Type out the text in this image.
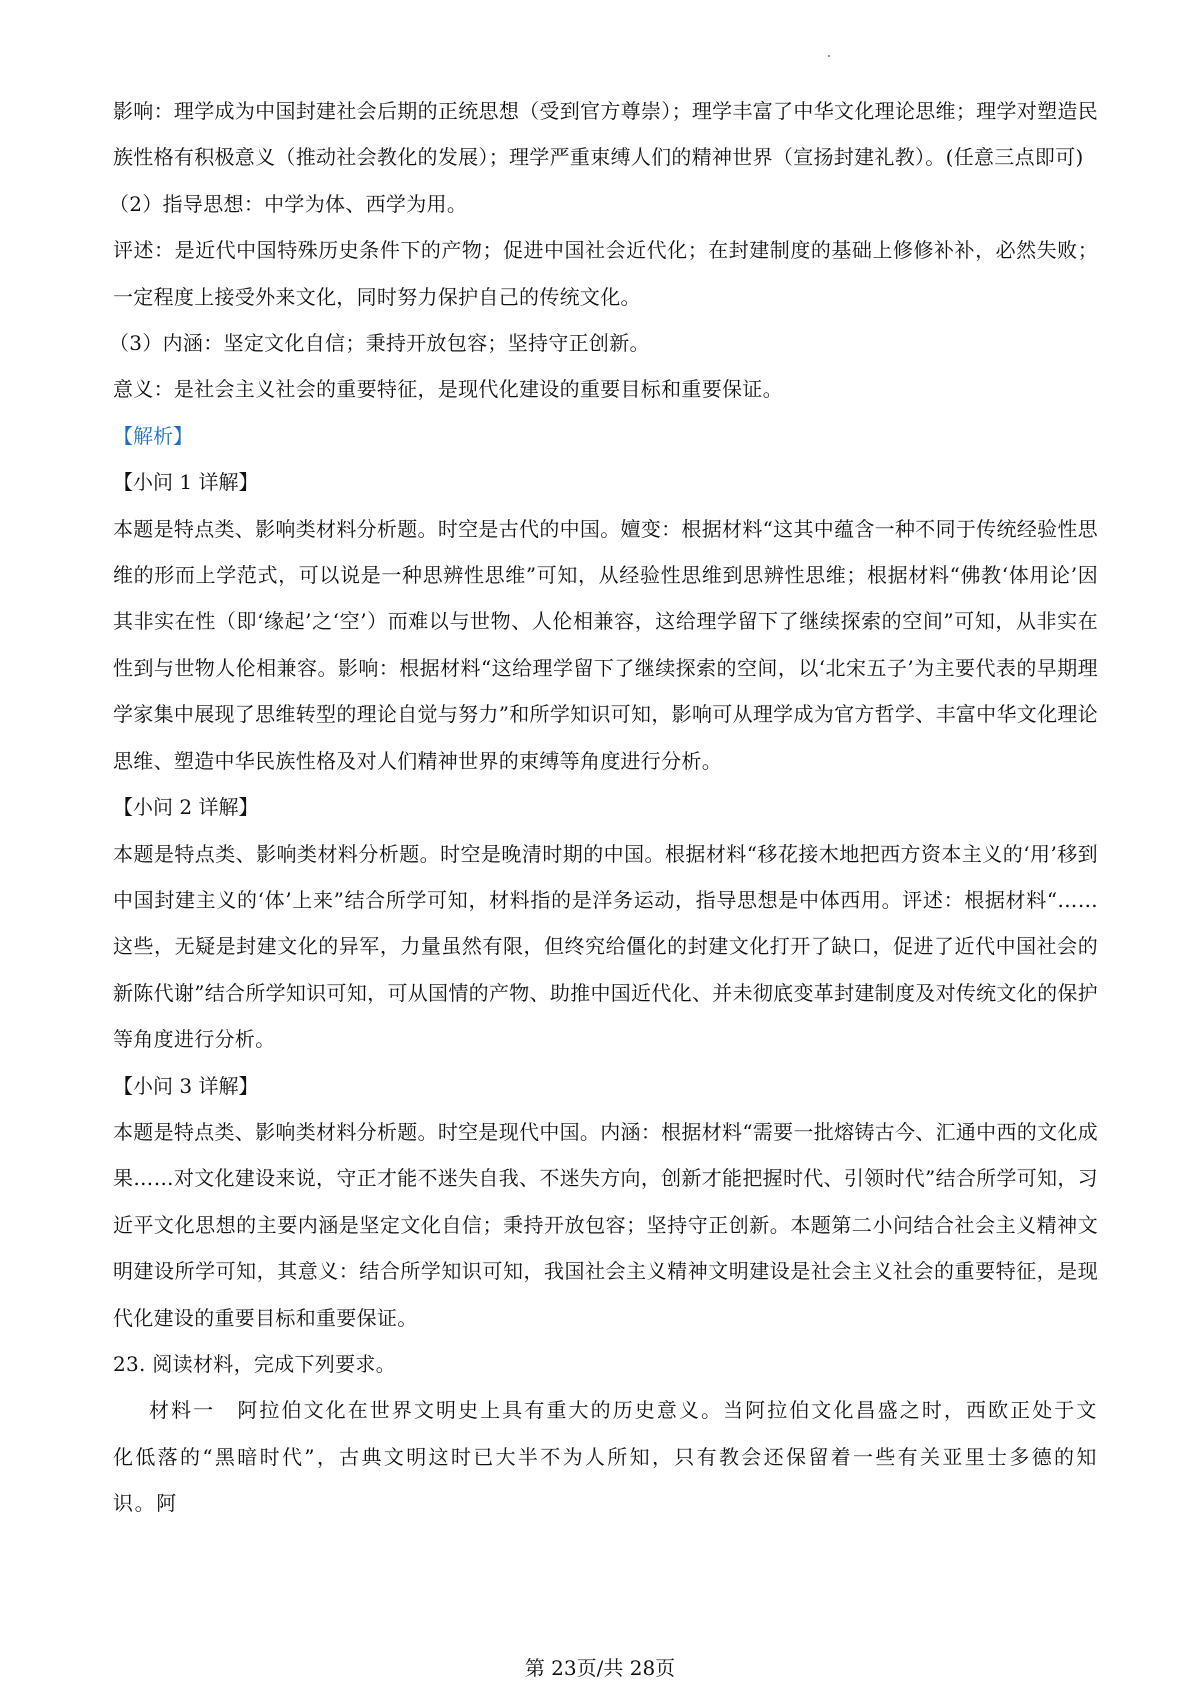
影响：理学成为中国封建社会后期的正统思想（受到官方尊崇）；理学丰富了中华文化理论思维；理学对塑造民族性格有积极意义（推动社会教化的发展）；理学严重束缚人们的精神世界（宣扬封建礼教）。(任意三点即可)

（2）指导思想：中学为体、西学为用。

评述：是近代中国特殊历史条件下的产物；促进中国社会近代化；在封建制度的基础上修修补补，必然失败；一定程度上接受外来文化，同时努力保护自己的传统文化。

（3）内涵：坚定文化自信；秉持开放包容；坚持守正创新。

意义：是社会主义社会的重要特征，是现代化建设的重要目标和重要保证。

【解析】

【小问 1 详解】

本题是特点类、影响类材料分析题。时空是古代的中国。嬗变：根据材料“这其中蕴含一种不同于传统经验性思维的形而上学范式，可以说是一种思辨性思维”可知，从经验性思维到思辨性思维；根据材料“佛教‘体用论’因其非实在性（即‘缘起’之‘空’）而难以与世物、人伦相兼容，这给理学留下了继续探索的空间”可知，从非实在性到与世物人伦相兼容。影响：根据材料“这给理学留下了继续探索的空间，以‘北宋五子’为主要代表的早期理学家集中展现了思维转型的理论自觉与努力”和所学知识可知，影响可从理学成为官方哲学、丰富中华文化理论思维、塑造中华民族性格及对人们精神世界的束缚等角度进行分析。

【小问 2 详解】

本题是特点类、影响类材料分析题。时空是晚清时期的中国。根据材料“移花接木地把西方资本主义的‘用’移到中国封建主义的‘体’上来”结合所学可知，材料指的是洋务运动，指导思想是中体西用。评述：根据材料“……这些，无疑是封建文化的异军，力量虽然有限，但终究给僵化的封建文化打开了缺口，促进了近代中国社会的新陈代谢”结合所学知识可知，可从国情的产物、助推中国近代化、并未彻底变革封建制度及对传统文化的保护等角度进行分析。

【小问 3 详解】

本题是特点类、影响类材料分析题。时空是现代中国。内涵：根据材料“需要一批熔铸古今、汇通中西的文化成果……对文化建设来说，守正才能不迷失自我、不迷失方向，创新才能把握时代、引领时代”结合所学可知，习近平文化思想的主要内涵是坚定文化自信；秉持开放包容；坚持守正创新。本题第二小问结合社会主义精神文明建设所学可知，其意义：结合所学知识可知，我国社会主义精神文明建设是社会主义社会的重要特征，是现代化建设的重要目标和重要保证。

23. 阅读材料，完成下列要求。

材料一　阿拉伯文化在世界文明史上具有重大的历史意义。当阿拉伯文化昌盛之时，西欧正处于文化低落的“黑暗时代”，古典文明这时已大半不为人所知，只有教会还保留着一些有关亚里士多德的知识。阿

第 23页/共 28页
